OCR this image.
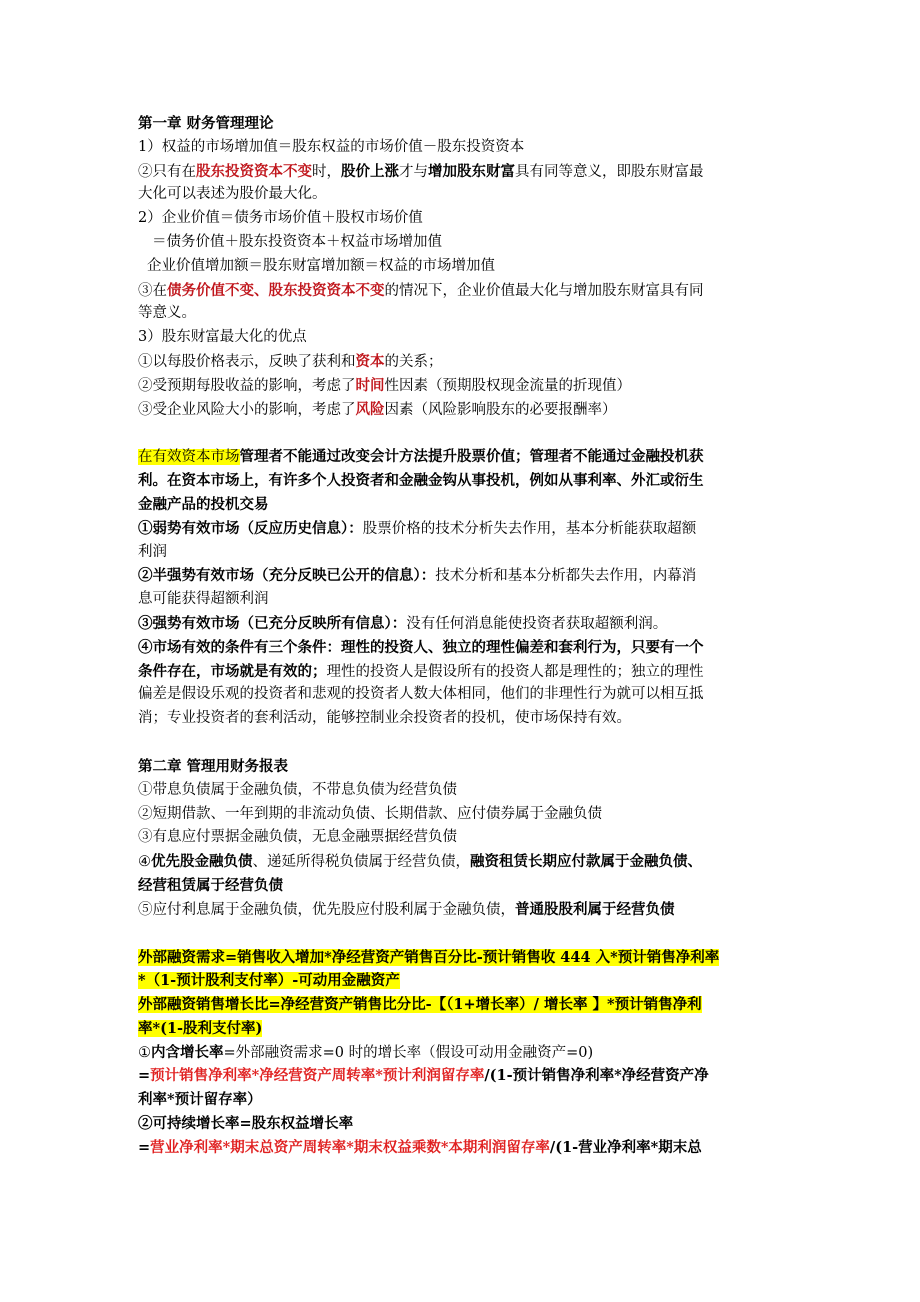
第一章 财务管理理论
1）权益的市场增加值＝股东权益的市场价值－股东投资资本
②只有在股东投资资本不变时，股价上涨才与增加股东财富具有同等意义，即股东财富最
大化可以表述为股价最大化。
2）企业价值＝债务市场价值＋股权市场价值
＝债务价值＋股东投资资本＋权益市场增加值
企业价值增加额＝股东财富增加额＝权益的市场增加值
③在债务价值不变、股东投资资本不变的情况下，企业价值最大化与增加股东财富具有同
等意义。
3）股东财富最大化的优点
①以每股价格表示，反映了获利和资本的关系；
②受预期每股收益的影响，考虑了时间性因素（预期股权现金流量的折现值）
③受企业风险大小的影响，考虑了风险因素（风险影响股东的必要报酬率）
在有效资本市场管理者不能通过改变会计方法提升股票价值；管理者不能通过金融投机获
利。在资本市场上，有许多个人投资者和金融金钩从事投机，例如从事利率、外汇或衍生
金融产品的投机交易
①弱势有效市场（反应历史信息）：股票价格的技术分析失去作用，基本分析能获取超额
利润
②半强势有效市场（充分反映已公开的信息）：技术分析和基本分析都失去作用，内幕消
息可能获得超额利润
③强势有效市场（已充分反映所有信息）：没有任何消息能使投资者获取超额利润。
④市场有效的条件有三个条件：理性的投资人、独立的理性偏差和套利行为，只要有一个
条件存在，市场就是有效的；理性的投资人是假设所有的投资人都是理性的；独立的理性
偏差是假设乐观的投资者和悲观的投资者人数大体相同，他们的非理性行为就可以相互抵
消；专业投资者的套利活动，能够控制业余投资者的投机，使市场保持有效。
第二章 管理用财务报表
①带息负债属于金融负债，不带息负债为经营负债
②短期借款、一年到期的非流动负债、长期借款、应付债券属于金融负债
③有息应付票据金融负债，无息金融票据经营负债
④优先股金融负债、递延所得税负债属于经营负债，融资租赁长期应付款属于金融负债、
经营租赁属于经营负债
⑤应付利息属于金融负债，优先股应付股利属于金融负债，普通股股利属于经营负债
外部融资需求=销售收入增加*净经营资产销售百分比-预计销售收 444 入*预计销售净利率
*（1-预计股利支付率）-可动用金融资产
外部融资销售增长比=净经营资产销售比分比-【（1+增长率）/ 增长率 】*预计销售净利
率*(1-股利支付率)
①内含增长率=外部融资需求=0 时的增长率（假设可动用金融资产=0)
=预计销售净利率*净经营资产周转率*预计利润留存率/(1-预计销售净利率*净经营资产净
利率*预计留存率）
②可持续增长率=股东权益增长率
=营业净利率*期末总资产周转率*期末权益乘数*本期利润留存率/(1-营业净利率*期末总
